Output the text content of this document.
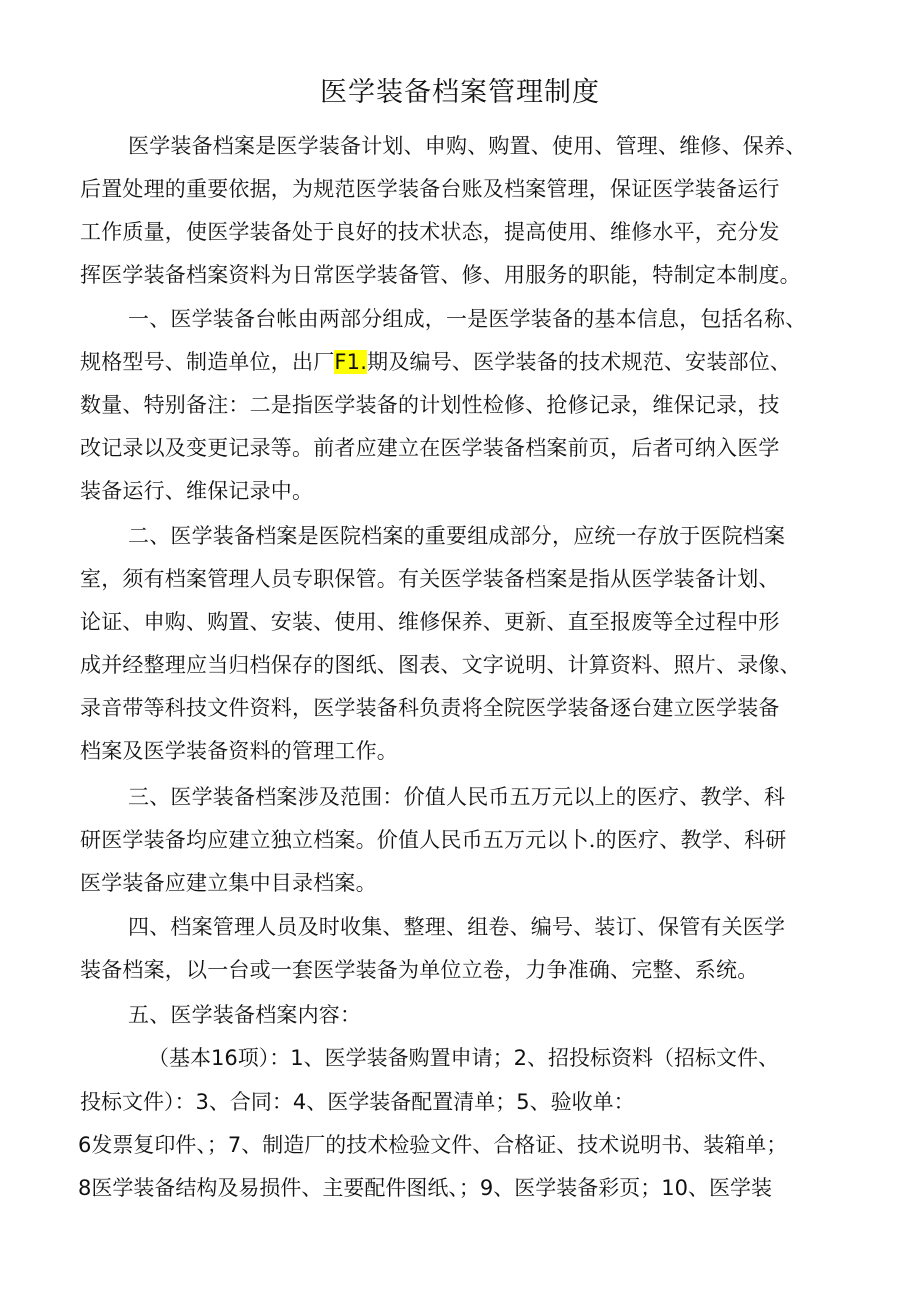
医学装备档案管理制度
医学装备档案是医学装备计划、申购、购置、使用、管理、维修、保养、
后置处理的重要依据，为规范医学装备台账及档案管理，保证医学装备运行
工作质量，使医学装备处于良好的技术状态，提高使用、维修水平，充分发
挥医学装备档案资料为日常医学装备管、修、用服务的职能，特制定本制度。
一、医学装备台帐由两部分组成，一是医学装备的基本信息，包括名称、
规格型号、制造单位，出厂F1.期及编号、医学装备的技术规范、安装部位、
数量、特别备注：二是指医学装备的计划性检修、抢修记录，维保记录，技
改记录以及变更记录等。前者应建立在医学装备档案前页，后者可纳入医学
装备运行、维保记录中。
二、医学装备档案是医院档案的重要组成部分，应统一存放于医院档案
室，须有档案管理人员专职保管。有关医学装备档案是指从医学装备计划、
论证、申购、购置、安装、使用、维修保养、更新、直至报废等全过程中形
成并经整理应当归档保存的图纸、图表、文字说明、计算资料、照片、录像、
录音带等科技文件资料，医学装备科负责将全院医学装备逐台建立医学装备
档案及医学装备资料的管理工作。
三、医学装备档案涉及范围：价值人民币五万元以上的医疗、教学、科
研医学装备均应建立独立档案。价值人民币五万元以卜.的医疗、教学、科研
医学装备应建立集中目录档案。
四、档案管理人员及时收集、整理、组卷、编号、装订、保管有关医学
装备档案，以一台或一套医学装备为单位立卷，力争准确、完整、系统。
五、医学装备档案内容：
（基本16项）：1、医学装备购置申请；2、招投标资料（招标文件、
投标文件）：3、合同：4、医学装备配置清单；5、验收单：
6发票复印件、；7、制造厂的技术检验文件、合格证、技术说明书、装箱单；
8医学装备结构及易损件、主要配件图纸、；9、医学装备彩页；10、医学装
